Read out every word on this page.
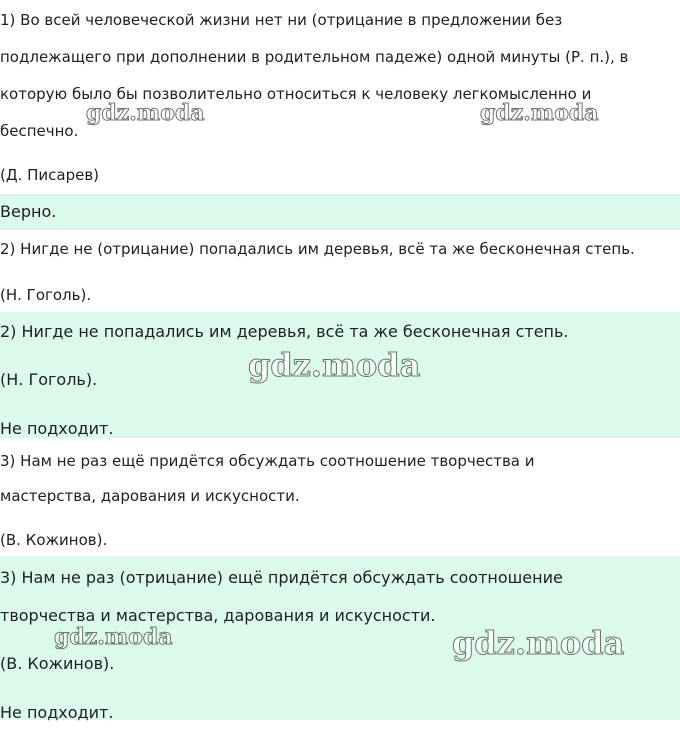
1) Во всей человеческой жизни нет ни (отрицание в предложении без

подлежащего при дополнении в родительном падеже) одной минуты (Р. п.), в

которую было бы позволительно относиться к человеку легкомысленно и

беспечно.

(Д. Писарев)

Верно.

2) Нигде не (отрицание) попадались им деревья, всё та же бесконечная степь.

(Н. Гоголь).

2) Нигде не попадались им деревья, всё та же бесконечная степь.

(Н. Гоголь).

Не подходит.

3) Нам не раз ещё придётся обсуждать соотношение творчества и

мастерства, дарования и искусности.

(В. Кожинов).

3) Нам не раз (отрицание) ещё придётся обсуждать соотношение

творчества и мастерства, дарования и искусности.

(В. Кожинов).

Не подходит.

gdz.moda	gdz.moda
gdz.moda
gdz.moda	gdz.moda
